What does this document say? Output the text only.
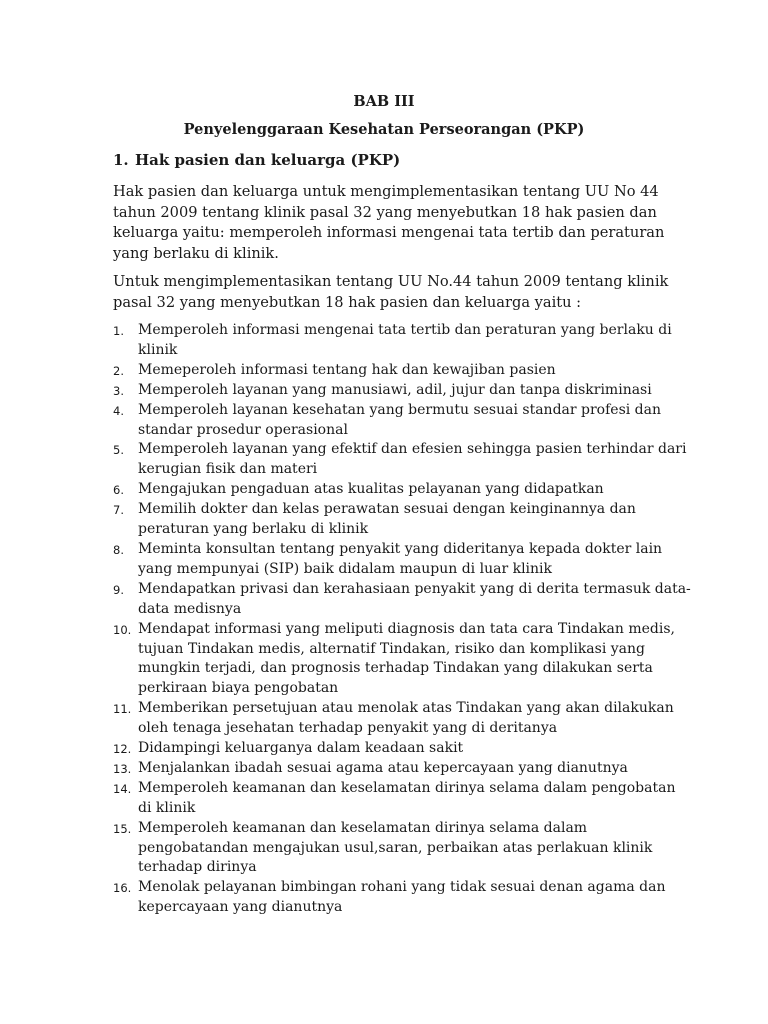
BAB III
Penyelenggaraan Kesehatan Perseorangan (PKP)
1. Hak pasien dan keluarga (PKP)

Hak pasien dan keluarga untuk mengimplementasikan tentang UU No 44 tahun 2009 tentang klinik pasal 32 yang menyebutkan 18 hak pasien dan keluarga yaitu: memperoleh informasi mengenai tata tertib dan peraturan yang berlaku di klinik.

Untuk mengimplementasikan tentang UU No.44 tahun 2009 tentang klinik pasal 32 yang menyebutkan 18 hak pasien dan keluarga yaitu :

1. Memperoleh informasi mengenai tata tertib dan peraturan yang berlaku di klinik
2. Memeperoleh informasi tentang hak dan kewajiban pasien
3. Memperoleh layanan yang manusiawi, adil, jujur dan tanpa diskriminasi
4. Memperoleh layanan kesehatan yang bermutu sesuai standar profesi dan standar prosedur operasional
5. Memperoleh layanan yang efektif dan efesien sehingga pasien terhindar dari kerugian fisik dan materi
6. Mengajukan pengaduan atas kualitas pelayanan yang didapatkan
7. Memilih dokter dan kelas perawatan sesuai dengan keinginannya dan peraturan yang berlaku di klinik
8. Meminta konsultan tentang penyakit yang dideritanya kepada dokter lain yang mempunyai (SIP) baik didalam maupun di luar klinik
9. Mendapatkan privasi dan kerahasiaan penyakit yang di derita termasuk data-data medisnya
10. Mendapat informasi yang meliputi diagnosis dan tata cara Tindakan medis, tujuan Tindakan medis, alternatif Tindakan, risiko dan komplikasi yang mungkin terjadi, dan prognosis terhadap Tindakan yang dilakukan serta perkiraan biaya pengobatan
11. Memberikan persetujuan atau menolak atas Tindakan yang akan dilakukan oleh tenaga jesehatan terhadap penyakit yang di deritanya
12. Didampingi keluarganya dalam keadaan sakit
13. Menjalankan ibadah sesuai agama atau kepercayaan yang dianutnya
14. Memperoleh keamanan dan keselamatan dirinya selama dalam pengobatan di klinik
15. Memperoleh keamanan dan keselamatan dirinya selama dalam pengobatandan mengajukan usul,saran, perbaikan atas perlakuan klinik terhadap dirinya
16. Menolak pelayanan bimbingan rohani yang tidak sesuai denan agama dan kepercayaan yang dianutnya
